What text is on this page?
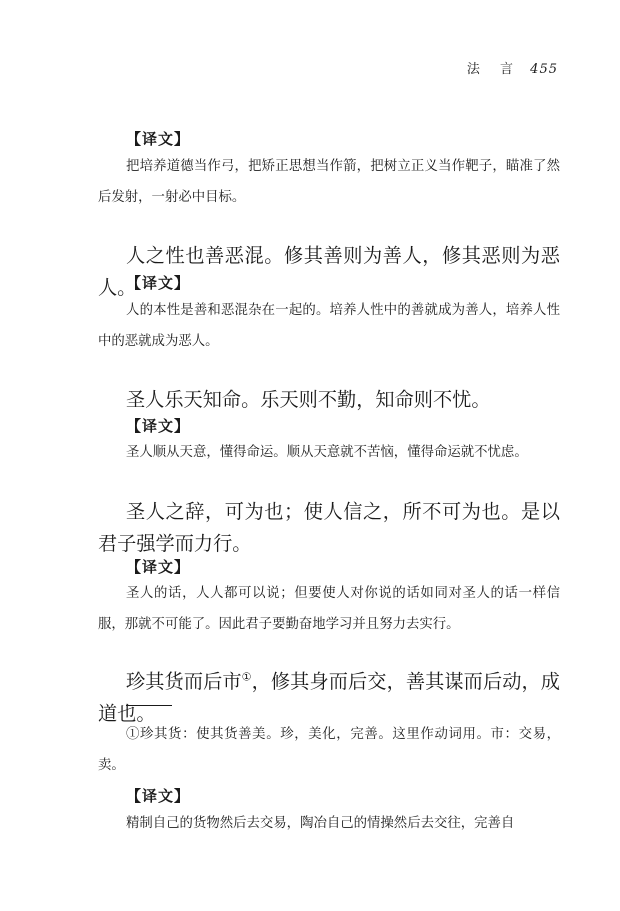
法 言 455
【译文】

把培养道德当作弓，把矫正思想当作箭，把树立正义当作靶子，瞄准了然后发射，一射必中目标。

人之性也善恶混。修其善则为善人，修其恶则为恶人。

【译文】

人的本性是善和恶混杂在一起的。培养人性中的善就成为善人，培养人性中的恶就成为恶人。

圣人乐天知命。乐天则不勤，知命则不忧。

【译文】

圣人顺从天意，懂得命运。顺从天意就不苦恼，懂得命运就不忧虑。

圣人之辞，可为也；使人信之，所不可为也。是以君子强学而力行。

【译文】

圣人的话，人人都可以说；但要使人对你说的话如同对圣人的话一样信服，那就不可能了。因此君子要勤奋地学习并且努力去实行。

珍其货而后市①，修其身而后交，善其谋而后动，成道也。

①珍其货：使其货善美。珍，美化，完善。这里作动词用。市：交易，卖。

【译文】

精制自己的货物然后去交易，陶冶自己的情操然后去交往，完善自
